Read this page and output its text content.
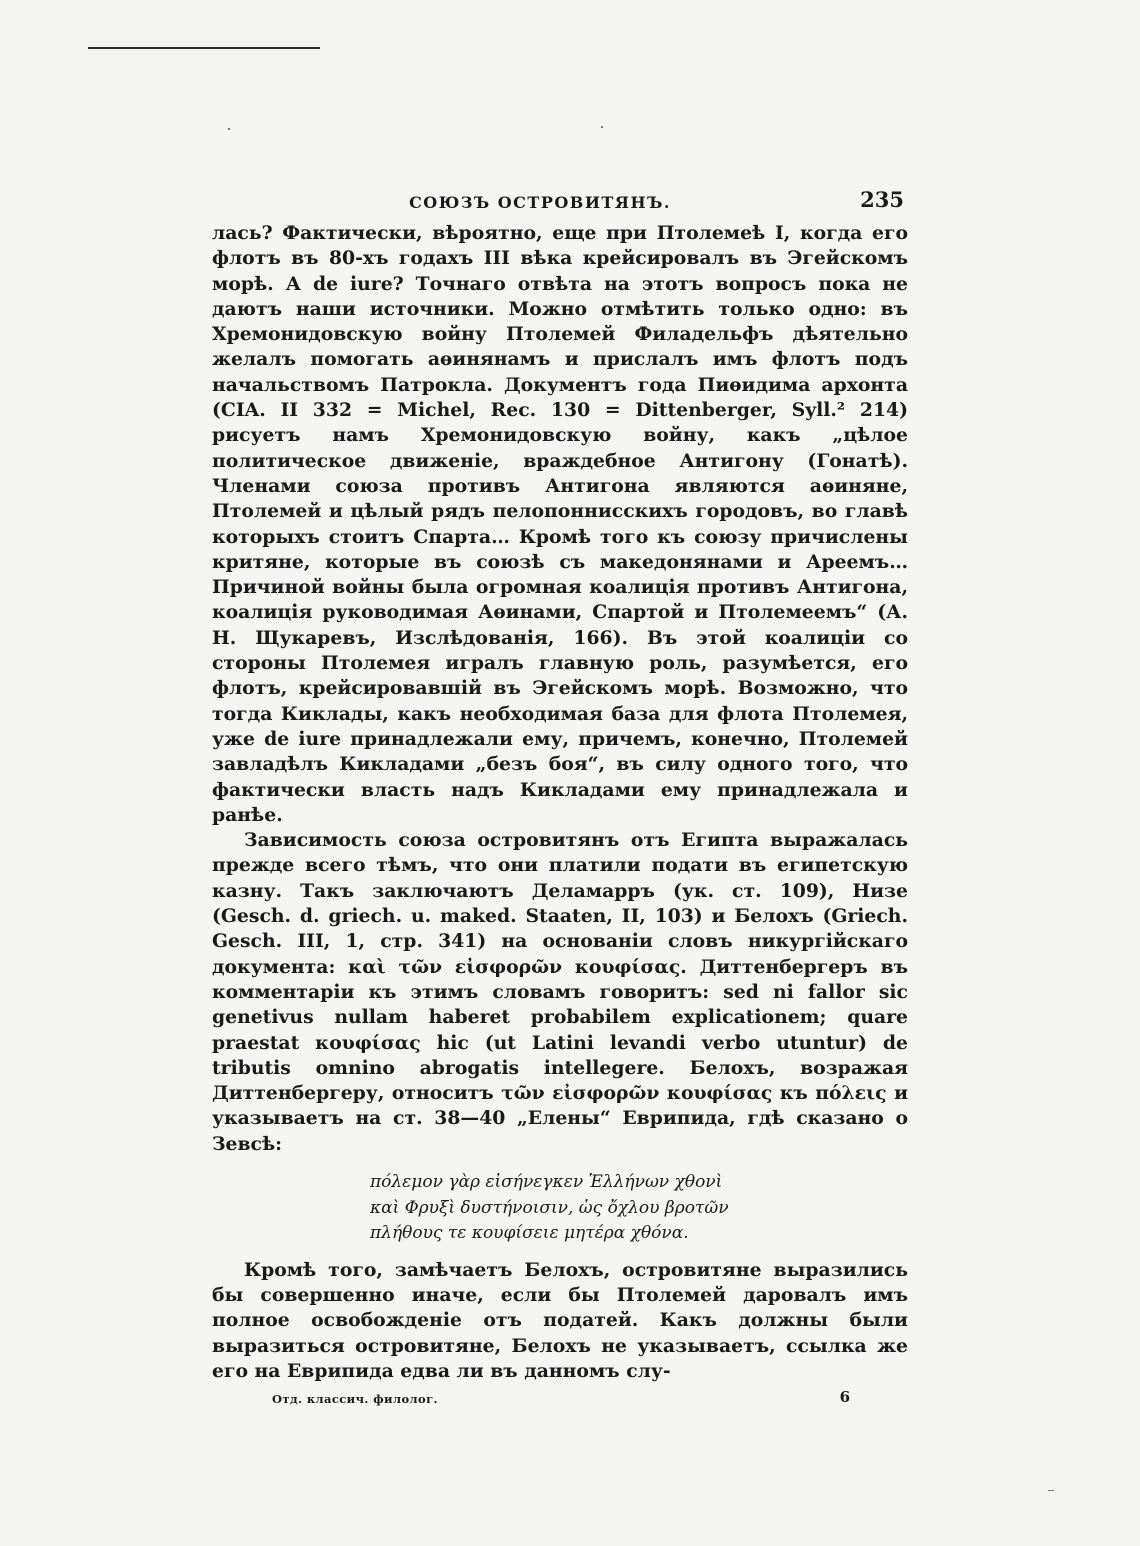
СОЮЗЪ ОСТРОВИТЯНЪ.	235

лась? Фактически, вѣроятно, еще при Птолемеѣ I, когда его флотъ въ 80-хъ годахъ III вѣка крейсировалъ въ Эгейскомъ морѣ. А de iure? Точнаго отвѣта на этотъ вопросъ пока не даютъ наши источники. Можно отмѣтить только одно: въ Хремонидовскую войну Птолемей Филадельфъ дѣятельно желалъ помогать аѳинянамъ и прислалъ имъ флотъ подъ начальствомъ Патрокла. Документъ года Пиѳидима архонта (CIA. II 332 = Michel, Rec. 130 = Dittenberger, Syll.² 214) рисуетъ намъ Хремонидовскую войну, какъ „цѣлое политическое движеніе, враждебное Антигону (Гонатѣ). Членами союза противъ Антигона являются аѳиняне, Птолемей и цѣлый рядъ пелопоннисскихъ городовъ, во главѣ которыхъ стоитъ Спарта… Кромѣ того къ союзу причислены критяне, которые въ союзѣ съ македонянами и Ареемъ… Причиной войны была огромная коалиція противъ Антигона, коалиція руководимая Аѳинами, Спартой и Птолемеемъ“ (А. Н. Щукаревъ, Изслѣдованія, 166). Въ этой коалиціи со стороны Птолемея игралъ главную роль, разумѣется, его флотъ, крейсировавшій въ Эгейскомъ морѣ. Возможно, что тогда Киклады, какъ необходимая база для флота Птолемея, уже de iure принадлежали ему, причемъ, конечно, Птолемей завладѣлъ Кикладами „безъ боя“, въ силу одного того, что фактически власть надъ Кикладами ему принадлежала и ранѣе.

Зависимость союза островитянъ отъ Египта выражалась прежде всего тѣмъ, что они платили подати въ египетскую казну. Такъ заключаютъ Деламарръ (ук. ст. 109), Низе (Gesch. d. griech. u. maked. Staaten, II, 103) и Белохъ (Griech. Gesch. III, 1, стр. 341) на основаніи словъ никургійскаго документа: καὶ τῶν εἰσφορῶν κουφίσας. Диттенбергеръ въ комментаріи къ этимъ словамъ говоритъ: sed ni fallor sic genetivus nullam haberet probabilem explicationem; quare praestat κουφίσας hic (ut Latini levandi verbo utuntur) de tributis omnino abrogatis intellegere. Белохъ, возражая Диттенбергеру, относитъ τῶν εἰσφορῶν κουφίσας къ πόλεις и указываетъ на ст. 38—40 „Елены“ Еврипида, гдѣ сказано о Зевсѣ:

πόλεμον γὰρ εἰσήνεγκεν Ἑλλήνων χθονὶ
καὶ Φρυξὶ δυστήνοισιν, ὡς ὄχλου βροτῶν
πλήθους τε κουφίσειε μητέρα χθόνα.

Кромѣ того, замѣчаетъ Белохъ, островитяне выразились бы совершенно иначе, если бы Птолемей даровалъ имъ полное освобожденіе отъ податей. Какъ должны были выразиться островитяне, Белохъ не указываетъ, ссылка же его на Еврипида едва ли въ данномъ слу-

Отд. классич. филолог.	6
